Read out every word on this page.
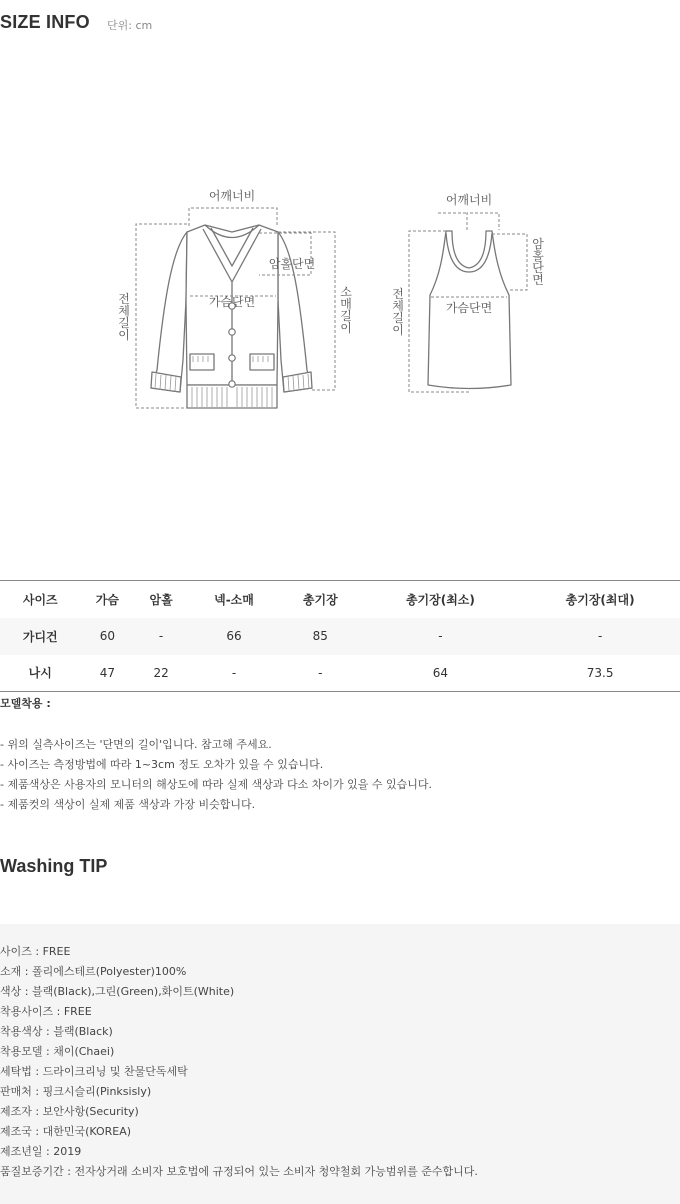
SIZE INFO 단위: cm
어깨너비
암홀단면
가슴단면
전
체
길
이
소
매
길
이
어깨너비
가슴단면
암
홀
단
면
전
체
길
이
사이즈	가슴	암홀	넥-소매	총기장	총기장(최소)	총기장(최대)
가디건	60	-	66	85	-	-
나시	47	22	-	-	64	73.5
모델착용 :
- 위의 실측사이즈는 '단면의 길이'입니다. 참고해 주세요.
- 사이즈는 측정방법에 따라 1~3cm 정도 오차가 있을 수 있습니다.
- 제품색상은 사용자의 모니터의 해상도에 따라 실제 색상과 다소 차이가 있을 수 있습니다.
- 제품컷의 색상이 실제 제품 색상과 가장 비슷합니다.
Washing TIP
사이즈 : FREE
소재 : 폴리에스테르(Polyester)100%
색상 : 블랙(Black),그린(Green),화이트(White)
착용사이즈 : FREE
착용색상 : 블랙(Black)
착용모델 : 채이(Chaei)
세탁법 : 드라이크리닝 및 찬물단독세탁
판매처 : 핑크시슬리(Pinksisly)
제조자 : 보안사항(Security)
제조국 : 대한민국(KOREA)
제조년일 : 2019
품질보증기간 : 전자상거래 소비자 보호법에 규정되어 있는 소비자 청약철회 가능범위를 준수합니다.
